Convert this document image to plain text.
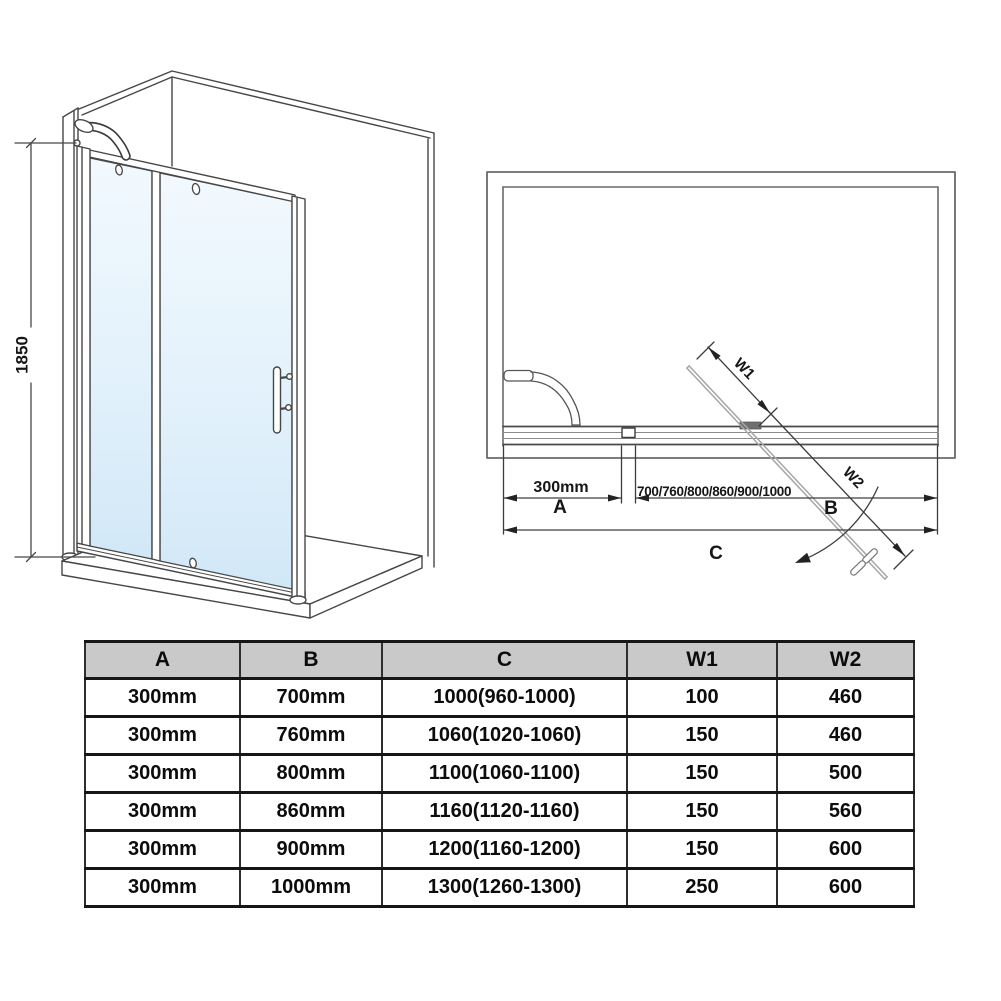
1850	W1
W2
300mm
A
700/760/800/860/900/1000
B
C
A	B	C	W1	W2
300mm	700mm	1000(960-1000)	100	460
300mm	760mm	1060(1020-1060)	150	460
300mm	800mm	1100(1060-1100)	150	500
300mm	860mm	1160(1120-1160)	150	560
300mm	900mm	1200(1160-1200)	150	600
300mm	1000mm	1300(1260-1300)	250	600
